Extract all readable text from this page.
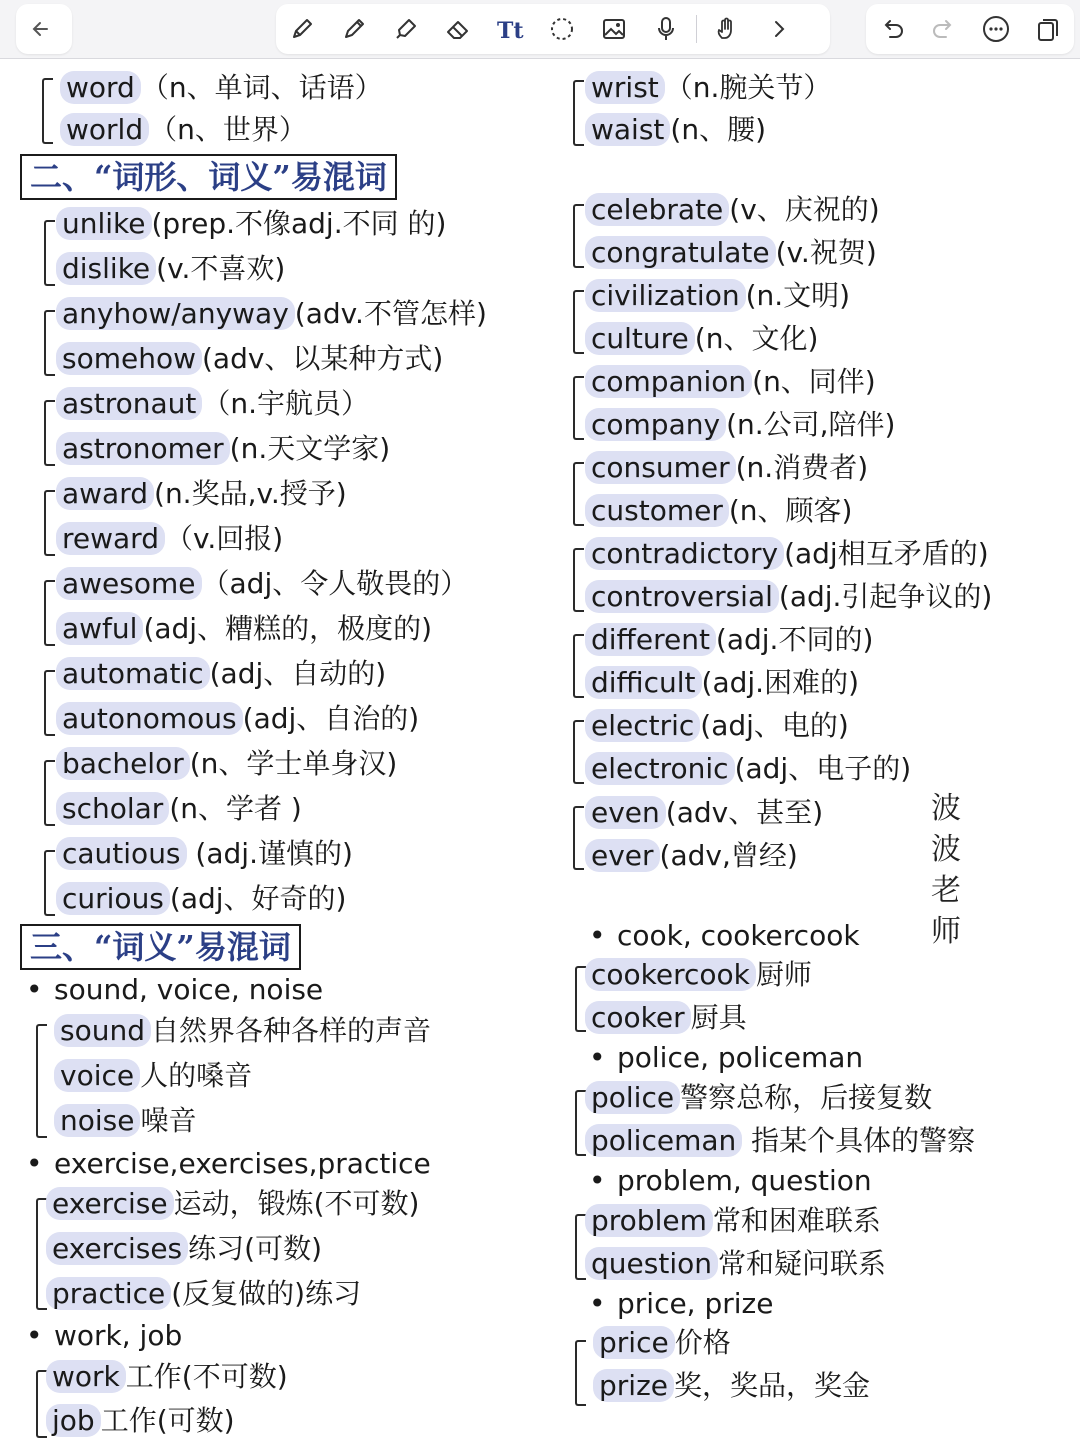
Tt
word （n、单词、话语）
world （n、世界）
二、“词形、词义”易混词
unlike (prep.不像adj.不同 的)
dislike (v.不喜欢)
anyhow/anyway (adv.不管怎样)
somehow (adv、以某种方式)
astronaut （n.宇航员）
astronomer (n.天文学家)
award (n.奖品,v.授予)
reward （v.回报)
awesome （adj、令人敬畏的）
awful (adj、糟糕的，极度的)
automatic (adj、自动的)
autonomous (adj、自治的)
bachelor (n、学士单身汉)
scholar (n、学者 )
cautious (adj.谨慎的)
curious (adj、好奇的)
三、“词义”易混词
• sound, voice, noise
sound 自然界各种各样的声音
voice 人的嗓音
noise 噪音
• exercise,exercises,practice
exercise 运动，锻炼(不可数)
exercises 练习(可数)
practice (反复做的)练习
• work, job
work 工作(不可数)
job 工作(可数)
wrist （n.腕关节）
waist (n、腰)
celebrate (v、庆祝的)
congratulate (v.祝贺)
civilization (n.文明)
culture (n、文化)
companion (n、同伴)
company (n.公司,陪伴)
consumer (n.消费者)
customer (n、顾客)
contradictory (adj相互矛盾的)
controversial (adj.引起争议的)
different (adj.不同的)
difficult (adj.困难的)
electric (adj、电的)
electronic (adj、电子的)
even (adv、甚至)
ever (adv,曾经)
• cook, cookercook
cookercook 厨师
cooker 厨具
• police, policeman
police 警察总称，后接复数
policeman 指某个具体的警察
• problem, question
problem 常和困难联系
question 常和疑问联系
• price, prize
price 价格
prize 奖，奖品，奖金
波波老师
